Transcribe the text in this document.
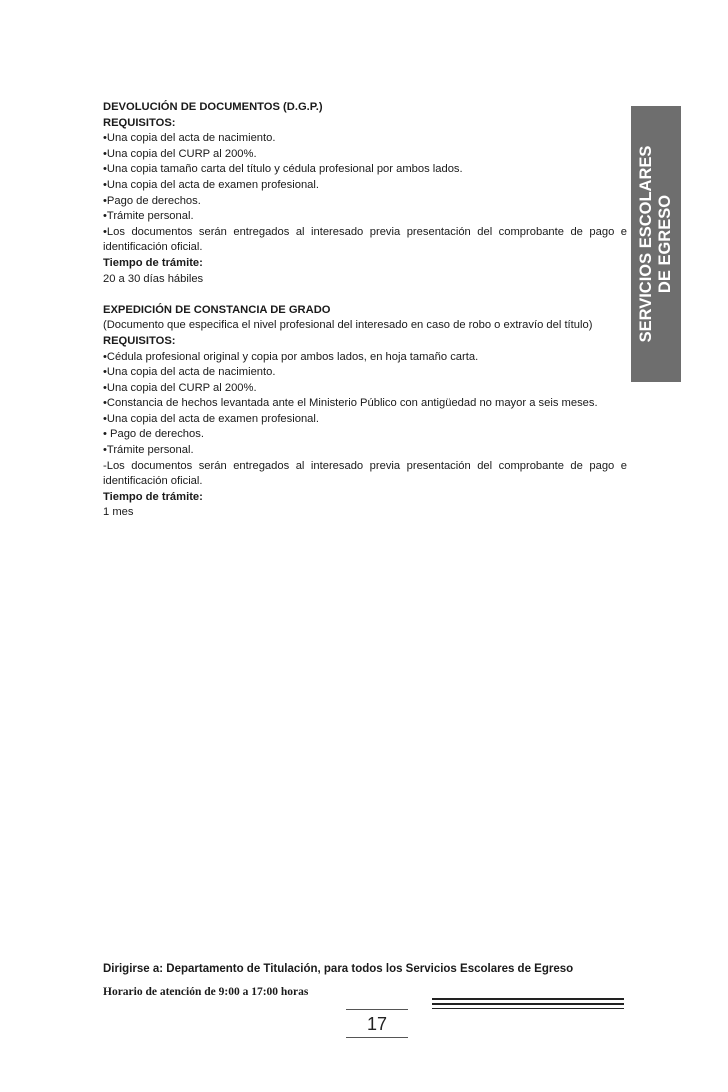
DEVOLUCIÓN DE DOCUMENTOS (D.G.P.)

REQUISITOS:

•Una copia del acta de nacimiento.

•Una copia del CURP al 200%.

•Una copia tamaño carta del título y cédula profesional por ambos lados.

•Una copia del acta de examen profesional.

•Pago de derechos.

•Trámite personal.

•Los documentos serán entregados al interesado previa presentación del comprobante de pago e identificación oficial.

Tiempo de trámite:

20 a 30 días hábiles

EXPEDICIÓN DE CONSTANCIA DE GRADO

(Documento que especifica el nivel profesional del interesado en caso de robo o extravío del título)

REQUISITOS:

•Cédula profesional original y copia por ambos lados, en hoja tamaño carta.

•Una copia del acta de nacimiento.

•Una copia del CURP al 200%.

•Constancia de hechos levantada ante el Ministerio Público con antigüedad no mayor a seis meses.

•Una copia del acta de examen profesional.

• Pago de derechos.

•Trámite personal.

-Los documentos serán entregados al interesado previa presentación del comprobante de pago e identificación oficial.

Tiempo de trámite:

1 mes

SERVICIOS ESCOLARES DE EGRESO
Dirigirse a: Departamento de Titulación, para todos los Servicios Escolares de Egreso
Horario de atención de 9:00 a 17:00 horas
17
